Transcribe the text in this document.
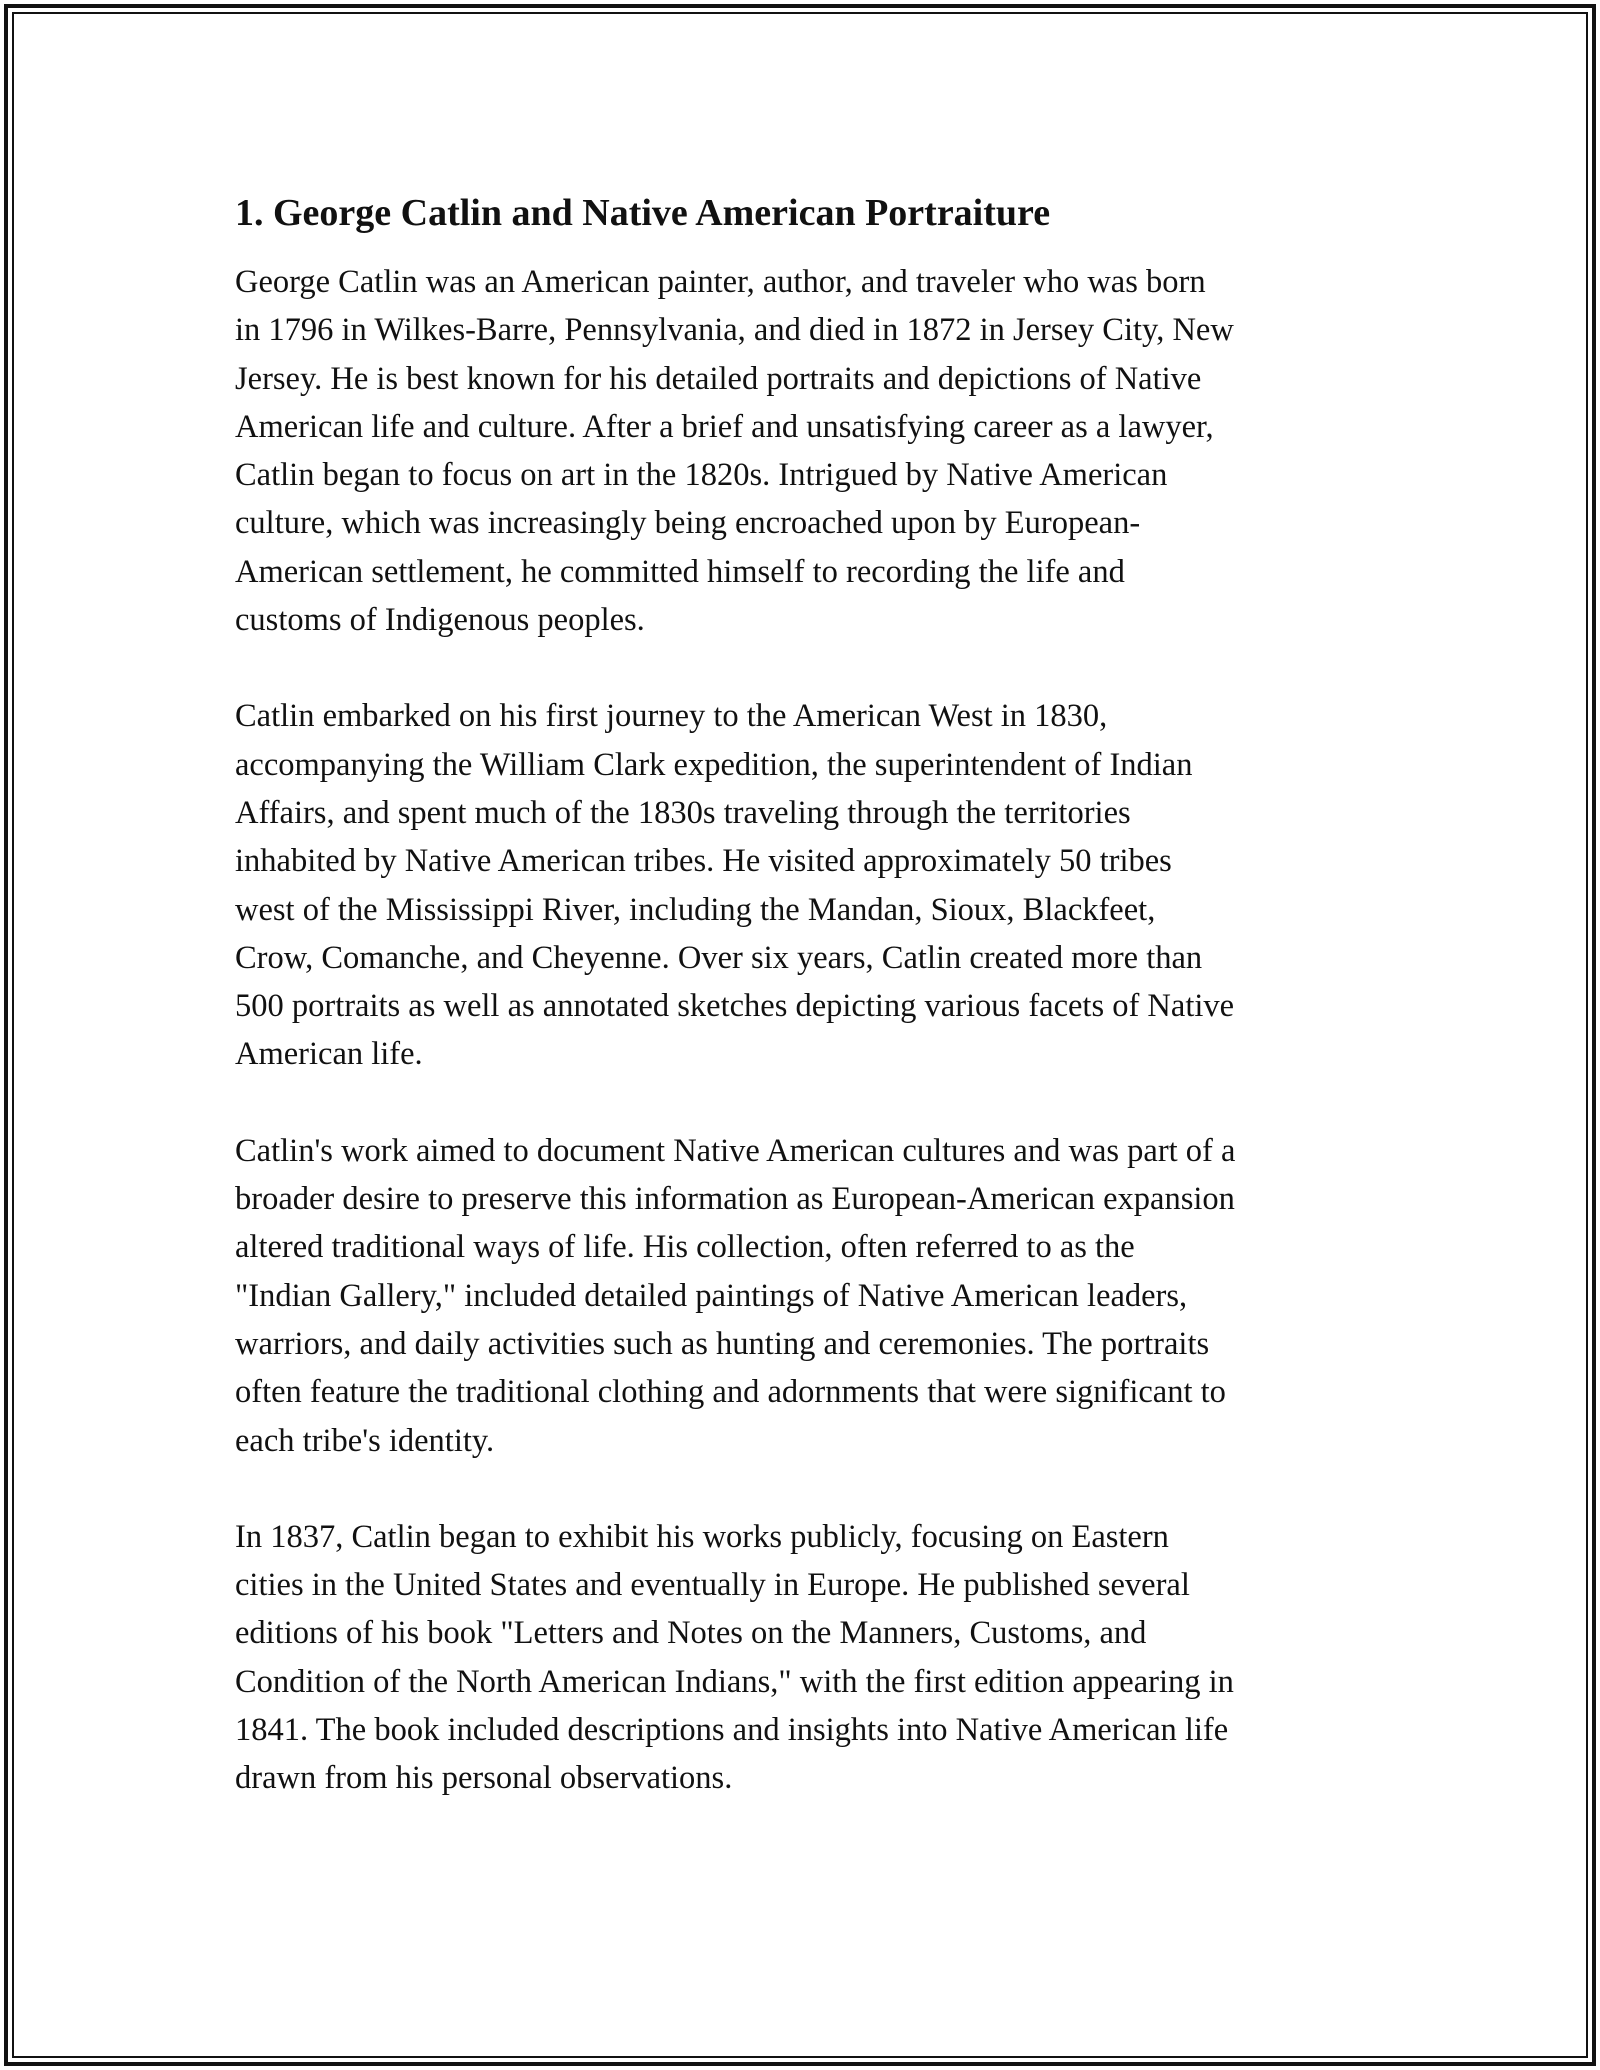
1. George Catlin and Native American Portraiture

George Catlin was an American painter, author, and traveler who was born
in 1796 in Wilkes-Barre, Pennsylvania, and died in 1872 in Jersey City, New
Jersey. He is best known for his detailed portraits and depictions of Native
American life and culture. After a brief and unsatisfying career as a lawyer,
Catlin began to focus on art in the 1820s. Intrigued by Native American
culture, which was increasingly being encroached upon by European-
American settlement, he committed himself to recording the life and
customs of Indigenous peoples.

Catlin embarked on his first journey to the American West in 1830,
accompanying the William Clark expedition, the superintendent of Indian
Affairs, and spent much of the 1830s traveling through the territories
inhabited by Native American tribes. He visited approximately 50 tribes
west of the Mississippi River, including the Mandan, Sioux, Blackfeet,
Crow, Comanche, and Cheyenne. Over six years, Catlin created more than
500 portraits as well as annotated sketches depicting various facets of Native
American life.

Catlin's work aimed to document Native American cultures and was part of a
broader desire to preserve this information as European-American expansion
altered traditional ways of life. His collection, often referred to as the
"Indian Gallery," included detailed paintings of Native American leaders,
warriors, and daily activities such as hunting and ceremonies. The portraits
often feature the traditional clothing and adornments that were significant to
each tribe's identity.

In 1837, Catlin began to exhibit his works publicly, focusing on Eastern
cities in the United States and eventually in Europe. He published several
editions of his book "Letters and Notes on the Manners, Customs, and
Condition of the North American Indians," with the first edition appearing in
1841. The book included descriptions and insights into Native American life
drawn from his personal observations.
